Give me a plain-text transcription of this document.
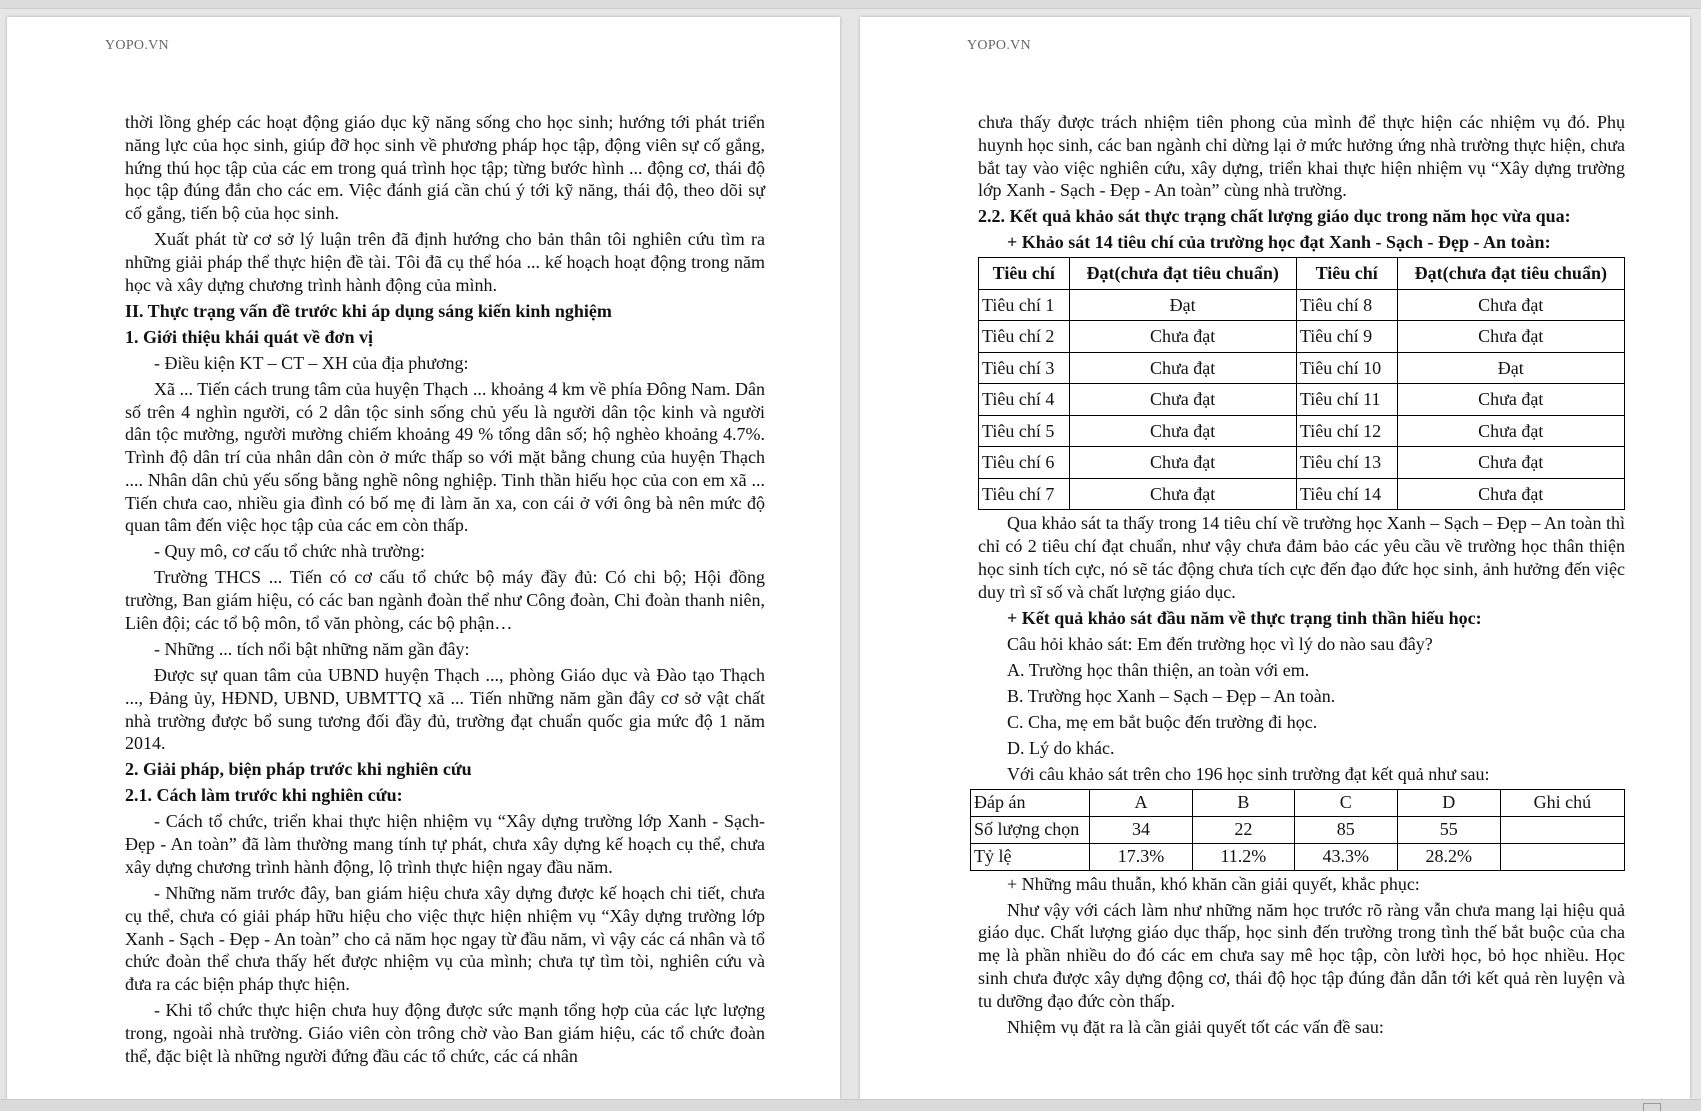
YOPO.VN

thời lồng ghép các hoạt động giáo dục kỹ năng sống cho học sinh; hướng tới phát triển năng lực của học sinh, giúp đỡ học sinh về phương pháp học tập, động viên sự cố gắng, hứng thú học tập của các em trong quá trình học tập; từng bước hình ... động cơ, thái độ học tập đúng đắn cho các em. Việc đánh giá cần chú ý tới kỹ năng, thái độ, theo dõi sự cố gắng, tiến bộ của học sinh.

Xuất phát từ cơ sở lý luận trên đã định hướng cho bản thân tôi nghiên cứu tìm ra những giải pháp thể thực hiện đề tài. Tôi đã cụ thể hóa ... kế hoạch hoạt động trong năm học và xây dựng chương trình hành động của mình.

II. Thực trạng vấn đề trước khi áp dụng sáng kiến kinh nghiệm

1. Giới thiệu khái quát về đơn vị

- Điều kiện KT – CT – XH của địa phương:

Xã ... Tiến cách trung tâm của huyện Thạch ... khoảng 4 km về phía Đông Nam. Dân số trên 4 nghìn người, có 2 dân tộc sinh sống chủ yếu là người dân tộc kinh và người dân tộc mường, người mường chiếm khoảng 49 % tổng dân số; hộ nghèo khoảng 4.7%. Trình độ dân trí của nhân dân còn ở mức thấp so với mặt bằng chung của huyện Thạch .... Nhân dân chủ yếu sống bằng nghề nông nghiệp. Tinh thần hiếu học của con em xã ... Tiến chưa cao, nhiều gia đình có bố mẹ đi làm ăn xa, con cái ở với ông bà nên mức độ quan tâm đến việc học tập của các em còn thấp.

- Quy mô, cơ cấu tổ chức nhà trường:

Trường THCS ... Tiến có cơ cấu tổ chức bộ máy đầy đủ: Có chi bộ; Hội đồng trường, Ban giám hiệu, có các ban ngành đoàn thể như Công đoàn, Chi đoàn thanh niên, Liên đội; các tổ bộ môn, tổ văn phòng, các bộ phận…

- Những ... tích nổi bật những năm gần đây:

Được sự quan tâm của UBND huyện Thạch ..., phòng Giáo dục và Đào tạo Thạch ..., Đảng ủy, HĐND, UBND, UBMTTQ xã ... Tiến những năm gần đây cơ sở vật chất nhà trường được bổ sung tương đối đầy đủ, trường đạt chuẩn quốc gia mức độ 1 năm 2014.

2. Giải pháp, biện pháp trước khi nghiên cứu

2.1. Cách làm trước khi nghiên cứu:

- Cách tổ chức, triển khai thực hiện nhiệm vụ “Xây dựng trường lớp Xanh - Sạch- Đẹp - An toàn” đã làm thường mang tính tự phát, chưa xây dựng kế hoạch cụ thể, chưa xây dựng chương trình hành động, lộ trình thực hiện ngay đầu năm.

- Những năm trước đây, ban giám hiệu chưa xây dựng được kế hoạch chi tiết, chưa cụ thể, chưa có giải pháp hữu hiệu cho việc thực hiện nhiệm vụ “Xây dựng trường lớp Xanh - Sạch - Đẹp - An toàn” cho cả năm học ngay từ đầu năm, vì vậy các cá nhân và tổ chức đoàn thể chưa thấy hết được nhiệm vụ của mình; chưa tự tìm tòi, nghiên cứu và đưa ra các biện pháp thực hiện.

- Khi tổ chức thực hiện chưa huy động được sức mạnh tổng hợp của các lực lượng trong, ngoài nhà trường. Giáo viên còn trông chờ vào Ban giám hiệu, các tổ chức đoàn thể, đặc biệt là những người đứng đầu các tổ chức, các cá nhân

YOPO.VN

chưa thấy được trách nhiệm tiên phong của mình để thực hiện các nhiệm vụ đó. Phụ huynh học sinh, các ban ngành chỉ dừng lại ở mức hưởng ứng nhà trường thực hiện, chưa bắt tay vào việc nghiên cứu, xây dựng, triển khai thực hiện nhiệm vụ “Xây dựng trường lớp Xanh - Sạch - Đẹp - An toàn” cùng nhà trường.

2.2. Kết quả khảo sát thực trạng chất lượng giáo dục trong năm học vừa qua:

+ Khảo sát 14 tiêu chí của trường học đạt Xanh - Sạch - Đẹp - An toàn:

Tiêu chí	Đạt(chưa đạt tiêu chuẩn)	Tiêu chí	Đạt(chưa đạt tiêu chuẩn)
Tiêu chí 1	Đạt	Tiêu chí 8	Chưa đạt
Tiêu chí 2	Chưa đạt	Tiêu chí 9	Chưa đạt
Tiêu chí 3	Chưa đạt	Tiêu chí 10	Đạt
Tiêu chí 4	Chưa đạt	Tiêu chí 11	Chưa đạt
Tiêu chí 5	Chưa đạt	Tiêu chí 12	Chưa đạt
Tiêu chí 6	Chưa đạt	Tiêu chí 13	Chưa đạt
Tiêu chí 7	Chưa đạt	Tiêu chí 14	Chưa đạt

Qua khảo sát ta thấy trong 14 tiêu chí về trường học Xanh – Sạch – Đẹp – An toàn thì chỉ có 2 tiêu chí đạt chuẩn, như vậy chưa đảm bảo các yêu cầu về trường học thân thiện học sinh tích cực, nó sẽ tác động chưa tích cực đến đạo đức học sinh, ảnh hưởng đến việc duy trì sĩ số và chất lượng giáo dục.

+ Kết quả khảo sát đầu năm về thực trạng tinh thần hiếu học:

Câu hỏi khảo sát: Em đến trường học vì lý do nào sau đây?

A. Trường học thân thiện, an toàn với em.

B. Trường học Xanh – Sạch – Đẹp – An toàn.

C. Cha, mẹ em bắt buộc đến trường đi học.

D. Lý do khác.

Với câu khảo sát trên cho 196 học sinh trường đạt kết quả như sau:

Đáp án	A	B	C	D	Ghi chú
Số lượng chọn	34	22	85	55	
Tỷ lệ	17.3%	11.2%	43.3%	28.2%	

+ Những mâu thuẫn, khó khăn cần giải quyết, khắc phục:

Như vậy với cách làm như những năm học trước rõ ràng vẫn chưa mang lại hiệu quả giáo dục. Chất lượng giáo dục thấp, học sinh đến trường trong tình thế bắt buộc của cha mẹ là phần nhiều do đó các em chưa say mê học tập, còn lười học, bỏ học nhiều. Học sinh chưa được xây dựng động cơ, thái độ học tập đúng đắn dẫn tới kết quả rèn luyện và tu dưỡng đạo đức còn thấp.

Nhiệm vụ đặt ra là cần giải quyết tốt các vấn đề sau:
